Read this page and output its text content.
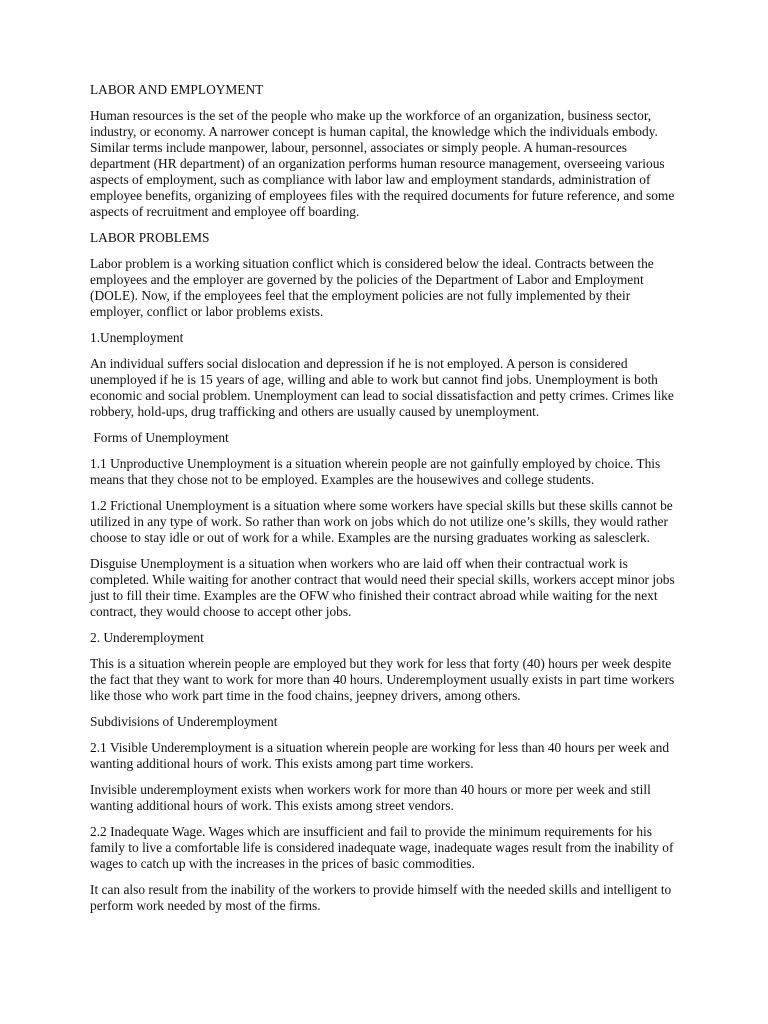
LABOR AND EMPLOYMENT

Human resources is the set of the people who make up the workforce of an organization, business sector, industry, or economy. A narrower concept is human capital, the knowledge which the individuals embody. Similar terms include manpower, labour, personnel, associates or simply people. A human-resources department (HR department) of an organization performs human resource management, overseeing various aspects of employment, such as compliance with labor law and employment standards, administration of employee benefits, organizing of employees files with the required documents for future reference, and some aspects of recruitment and employee off boarding.

LABOR PROBLEMS

Labor problem is a working situation conflict which is considered below the ideal. Contracts between the employees and the employer are governed by the policies of the Department of Labor and Employment (DOLE). Now, if the employees feel that the employment policies are not fully implemented by their employer, conflict or labor problems exists.

1.Unemployment

An individual suffers social dislocation and depression if he is not employed. A person is considered unemployed if he is 15 years of age, willing and able to work but cannot find jobs. Unemployment is both economic and social problem. Unemployment can lead to social dissatisfaction and petty crimes. Crimes like robbery, hold-ups, drug trafficking and others are usually caused by unemployment.

Forms of Unemployment

1.1 Unproductive Unemployment is a situation wherein people are not gainfully employed by choice. This means that they chose not to be employed. Examples are the housewives and college students.

1.2 Frictional Unemployment is a situation where some workers have special skills but these skills cannot be utilized in any type of work. So rather than work on jobs which do not utilize one’s skills, they would rather choose to stay idle or out of work for a while. Examples are the nursing graduates working as salesclerk.

Disguise Unemployment is a situation when workers who are laid off when their contractual work is completed. While waiting for another contract that would need their special skills, workers accept minor jobs just to fill their time. Examples are the OFW who finished their contract abroad while waiting for the next contract, they would choose to accept other jobs.

2. Underemployment

This is a situation wherein people are employed but they work for less that forty (40) hours per week despite the fact that they want to work for more than 40 hours. Underemployment usually exists in part time workers like those who work part time in the food chains, jeepney drivers, among others.

Subdivisions of Underemployment

2.1 Visible Underemployment is a situation wherein people are working for less than 40 hours per week and wanting additional hours of work. This exists among part time workers.

Invisible underemployment exists when workers work for more than 40 hours or more per week and still wanting additional hours of work. This exists among street vendors.

2.2 Inadequate Wage. Wages which are insufficient and fail to provide the minimum requirements for his family to live a comfortable life is considered inadequate wage, inadequate wages result from the inability of wages to catch up with the increases in the prices of basic commodities.

It can also result from the inability of the workers to provide himself with the needed skills and intelligent to perform work needed by most of the firms.
